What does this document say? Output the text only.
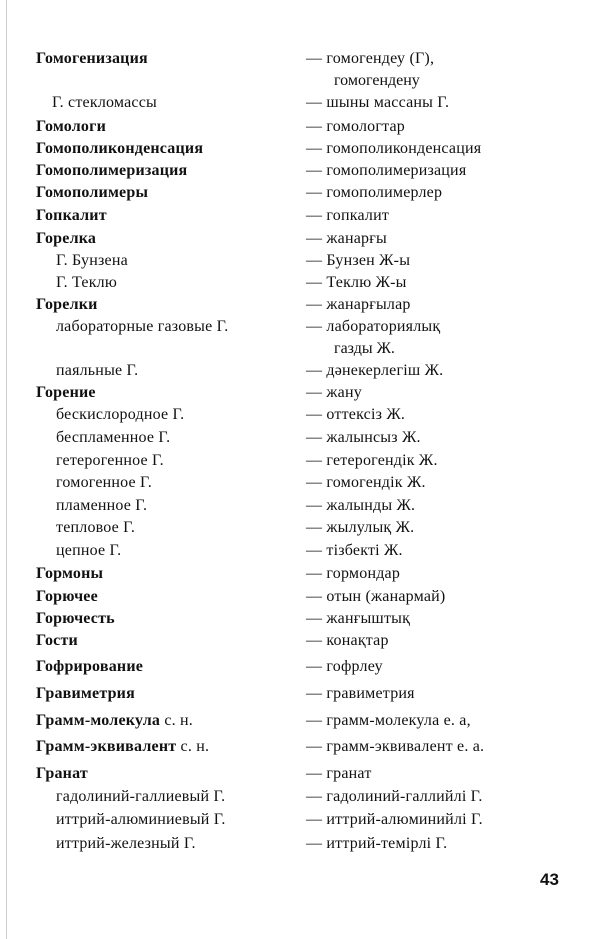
Гомогенизация	— гомогендеу (Г),
гомогендену
Г. стекломассы	— шыны массаны Г.
Гомологи	— гомологтар
Гомополиконденсация	— гомополиконденсация
Гомополимеризация	— гомополимеризация
Гомополимеры	— гомополимерлер
Гопкалит	— гопкалит
Горелка	— жанарғы
Г. Бунзена	— Бунзен Ж-ы
Г. Теклю	— Теклю Ж-ы
Горелки	— жанарғылар
лабораторные газовые Г.	— лабораториялық
газды Ж.
паяльные Г.	— дәнекерлегіш Ж.
Горение	— жану
бескислородное Г.	— оттексіз Ж.
беспламенное Г.	— жалынсыз Ж.
гетерогенное Г.	— гетерогендік Ж.
гомогенное Г.	— гомогендік Ж.
пламенное Г.	— жалынды Ж.
тепловое Г.	— жылулық Ж.
цепное Г.	— тізбекті Ж.
Гормоны	— гормондар
Горючее	— отын (жанармай)
Горючесть	— жанғыштық
Гости	— конақтар
Гофрирование	— гофрлеу
Гравиметрия	— гравиметрия
Грамм-молекула с. н.	— грамм-молекула е. а,
Грамм-эквивалент с. н.	— грамм-эквивалент е. а.
Гранат	— гранат
гадолиний-галлиевый Г.	— гадолиний-галлийлі Г.
иттрий-алюминиевый Г.	— иттрий-алюминийлі Г.
иттрий-железный Г.	— иттрий-темірлі Г.
43
